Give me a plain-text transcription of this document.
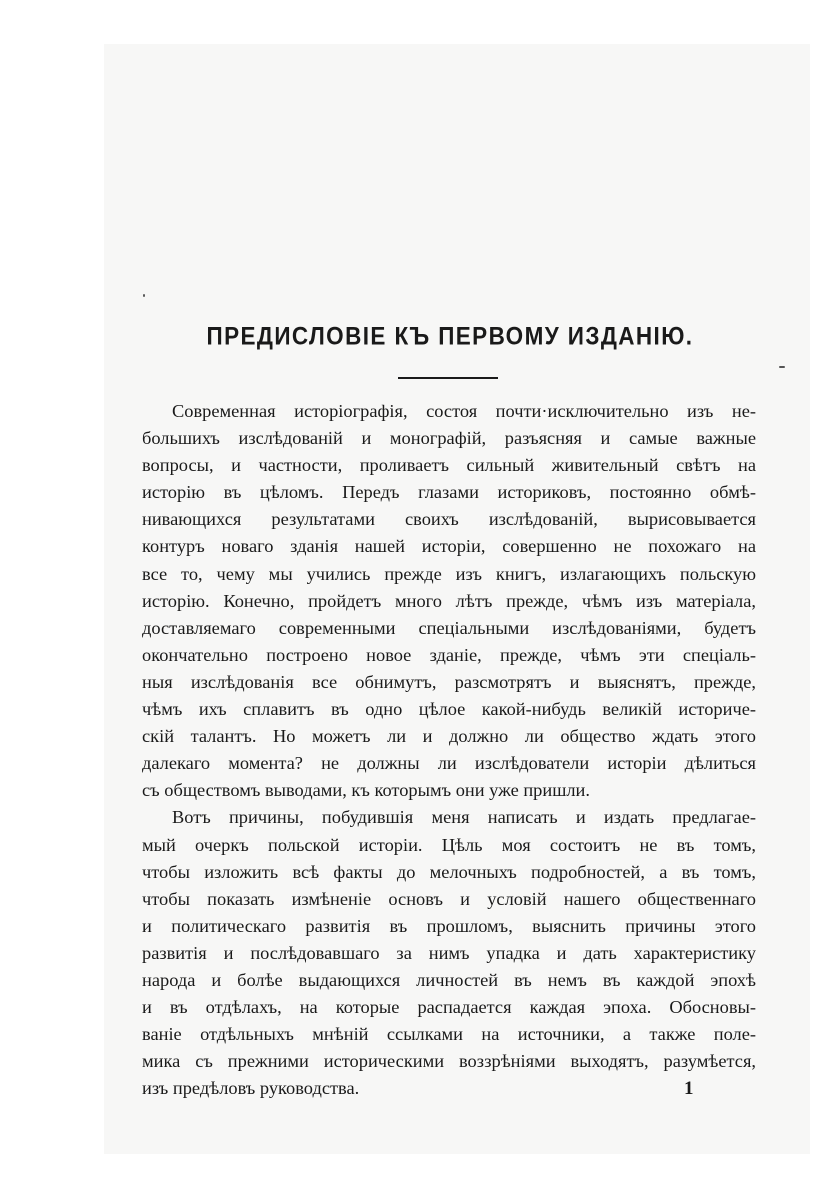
ПРЕДИСЛОВІЕ КЪ ПЕРВОМУ ИЗДАНІЮ.
Современная исторіографія, состоя почти·исключительно изъ не-
большихъ изслѣдованій и монографій, разъясняя и самые важные
вопросы, и частности, проливаетъ сильный живительный свѣтъ на
исторію въ цѣломъ. Передъ глазами историковъ, постоянно обмѣ-
нивающихся результатами своихъ изслѣдованій, вырисовывается
контуръ новаго зданія нашей исторіи, совершенно не похожаго на
все то, чему мы учились прежде изъ книгъ, излагающихъ польскую
исторію. Конечно, пройдетъ много лѣтъ прежде, чѣмъ изъ матеріала,
доставляемаго современными спеціальными изслѣдованіями, будетъ
окончательно построено новое зданіе, прежде, чѣмъ эти спеціаль-
ныя изслѣдованія все обнимутъ, разсмотрятъ и выяснятъ, прежде,
чѣмъ ихъ сплавитъ въ одно цѣлое какой-нибудь великій историче-
скій талантъ. Но можетъ ли и должно ли общество ждать этого
далекаго момента? не должны ли изслѣдователи исторіи дѣлиться
съ обществомъ выводами, къ которымъ они уже пришли.
Вотъ причины, побудившія меня написать и издать предлагае-
мый очеркъ польской исторіи. Цѣль моя состоитъ не въ томъ,
чтобы изложить всѣ факты до мелочныхъ подробностей, а въ томъ,
чтобы показать измѣненіе основъ и условій нашего общественнаго
и политическаго развитія въ прошломъ, выяснить причины этого
развитія и послѣдовавшаго за нимъ упадка и дать характеристику
народа и болѣе выдающихся личностей въ немъ въ каждой эпохѣ
и въ отдѣлахъ, на которые распадается каждая эпоха. Обосновы-
ваніе отдѣльныхъ мнѣній ссылками на источники, а также поле-
мика съ прежними историческими воззрѣніями выходятъ, разумѣется,
изъ предѣловъ руководства.	1
